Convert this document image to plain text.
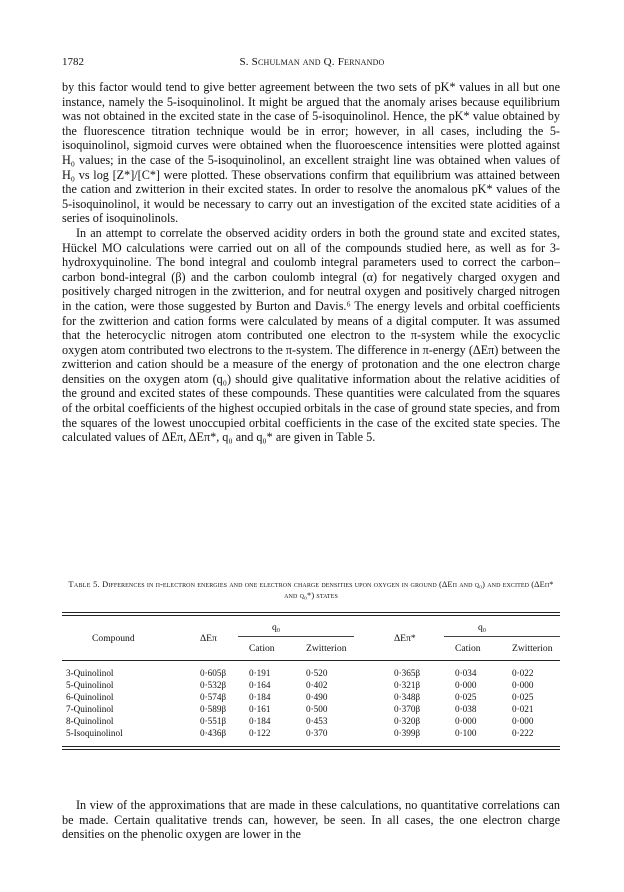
1782	S. Schulman and Q. Fernando

by this factor would tend to give better agreement between the two sets of pK* values in all but one instance, namely the 5-isoquinolinol. It might be argued that the anomaly arises because equilibrium was not obtained in the excited state in the case of 5-isoquinolinol. Hence, the pK* value obtained by the fluorescence titration technique would be in error; however, in all cases, including the 5-isoquinolinol, sigmoid curves were obtained when the fluoroescence intensities were plotted against H₀ values; in the case of the 5-isoquinolinol, an excellent straight line was obtained when values of H₀ vs log [Z*]/[C*] were plotted. These observations confirm that equilibrium was attained between the cation and zwitterion in their excited states. In order to resolve the anomalous pK* values of the 5-isoquinolinol, it would be necessary to carry out an investigation of the excited state acidities of a series of isoquinolinols.

In an attempt to correlate the observed acidity orders in both the ground state and excited states, Hückel MO calculations were carried out on all of the compounds studied here, as well as for 3-hydroxyquinoline. The bond integral and coulomb integral parameters used to correct the carbon–carbon bond-integral (β) and the carbon coulomb integral (α) for negatively charged oxygen and positively charged nitrogen in the zwitterion, and for neutral oxygen and positively charged nitrogen in the cation, were those suggested by Burton and Davis.⁶ The energy levels and orbital coefficients for the zwitterion and cation forms were calculated by means of a digital computer. It was assumed that the heterocyclic nitrogen atom contributed one electron to the π-system while the exocyclic oxygen atom contributed two electrons to the π-system. The difference in π-energy (ΔEπ) between the zwitterion and cation should be a measure of the energy of protonation and the one electron charge densities on the oxygen atom (q₀) should give qualitative information about the relative acidities of the ground and excited states of these compounds. These quantities were calculated from the squares of the orbital coefficients of the highest occupied orbitals in the case of ground state species, and from the squares of the lowest unoccupied orbital coefficients in the case of the excited state species. The calculated values of ΔEπ, ΔEπ*, q₀ and q₀* are given in Table 5.

Table 5. Differences in π-electron energies and one electron charge densities upon oxygen in ground (ΔEπ and q₀) and excited (ΔEπ* and q₀*) states
q₀	q₀
Compound	ΔEπ	ΔEπ*
Cation	Zwitterion	Cation	Zwitterion
3-Quinolinol	0·605β 0·191	0·520	0·365β	0·034	0·022
5-Quinolinol	0·532β 0·164	0·402	0·321β	0·000	0·000
6-Quinolinol	0·574β 0·184	0·490	0·348β	0·025	0·025
7-Quinolinol	0·589β 0·161	0·500	0·370β	0·038	0·021
8-Quinolinol	0·551β 0·184	0·453	0·320β	0·000	0·000
5-Isoquinolinol	0·436β 0·122	0·370	0·399β	0·100	0·222

In view of the approximations that are made in these calculations, no quantitative correlations can be made. Certain qualitative trends can, however, be seen. In all cases, the one electron charge densities on the phenolic oxygen are lower in the
